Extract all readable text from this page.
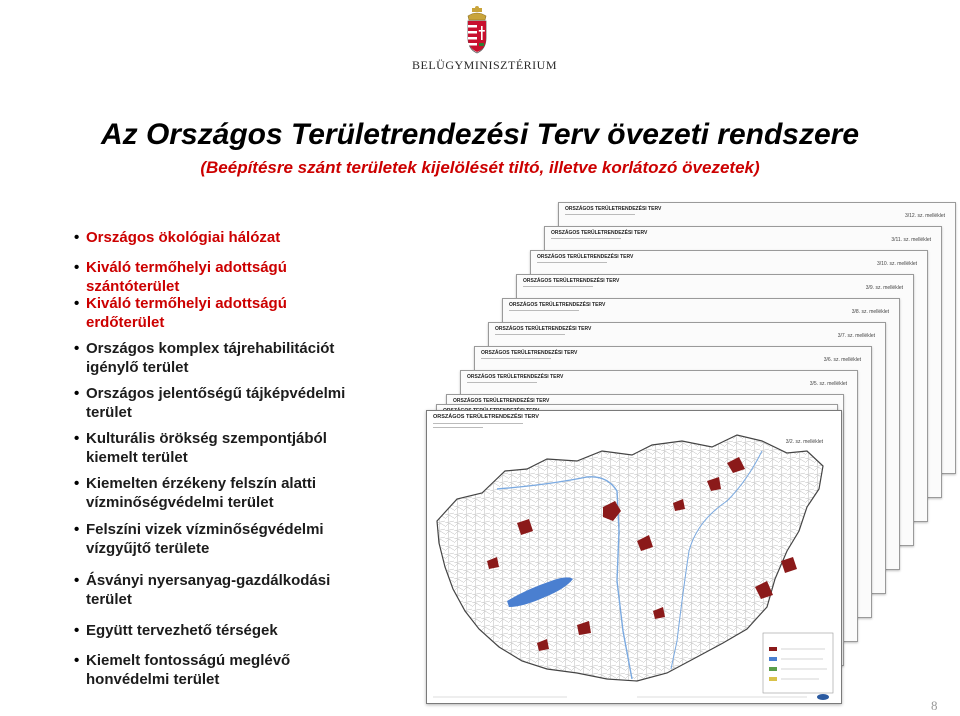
BELÜGYMINISZTÉRIUM
Az Országos Területrendezési Terv övezeti rendszere
(Beépítésre szánt területek kijelölését tiltó, illetve korlátozó övezetek)
• Országos ökológiai hálózat
• Kiváló termőhelyi adottságú
szántóterület
• Kiváló termőhelyi adottságú
erdőterület
• Országos komplex tájrehabilitációt
igénylő terület
• Országos jelentőségű tájképvédelmi
terület
• Kulturális örökség szempontjából
kiemelt terület
• Kiemelten érzékeny felszín alatti
vízminőségvédelmi terület
• Felszíni vizek vízminőségvédelmi
vízgyűjtő területe
• Ásványi nyersanyag-gazdálkodási
terület
• Együtt tervezhető térségek
• Kiemelt fontosságú meglévő
honvédelmi terület
ORSZÁGOS TERÜLETRENDEZÉSI TERV
3/12. sz. melléklet
ORSZÁGOS TERÜLETRENDEZÉSI TERV
3/11. sz. melléklet
ORSZÁGOS TERÜLETRENDEZÉSI TERV
3/10. sz. melléklet
ORSZÁGOS TERÜLETRENDEZÉSI TERV
3/9. sz. melléklet
ORSZÁGOS TERÜLETRENDEZÉSI TERV
3/8. sz. melléklet
ORSZÁGOS TERÜLETRENDEZÉSI TERV
3/7. sz. melléklet
ORSZÁGOS TERÜLETRENDEZÉSI TERV
3/6. sz. melléklet
ORSZÁGOS TERÜLETRENDEZÉSI TERV
3/5. sz. melléklet
ORSZÁGOS TERÜLETRENDEZÉSI TERV
ORSZÁGOS TERÜLETRENDEZÉSI TERV
3/2. sz. melléklet
8
